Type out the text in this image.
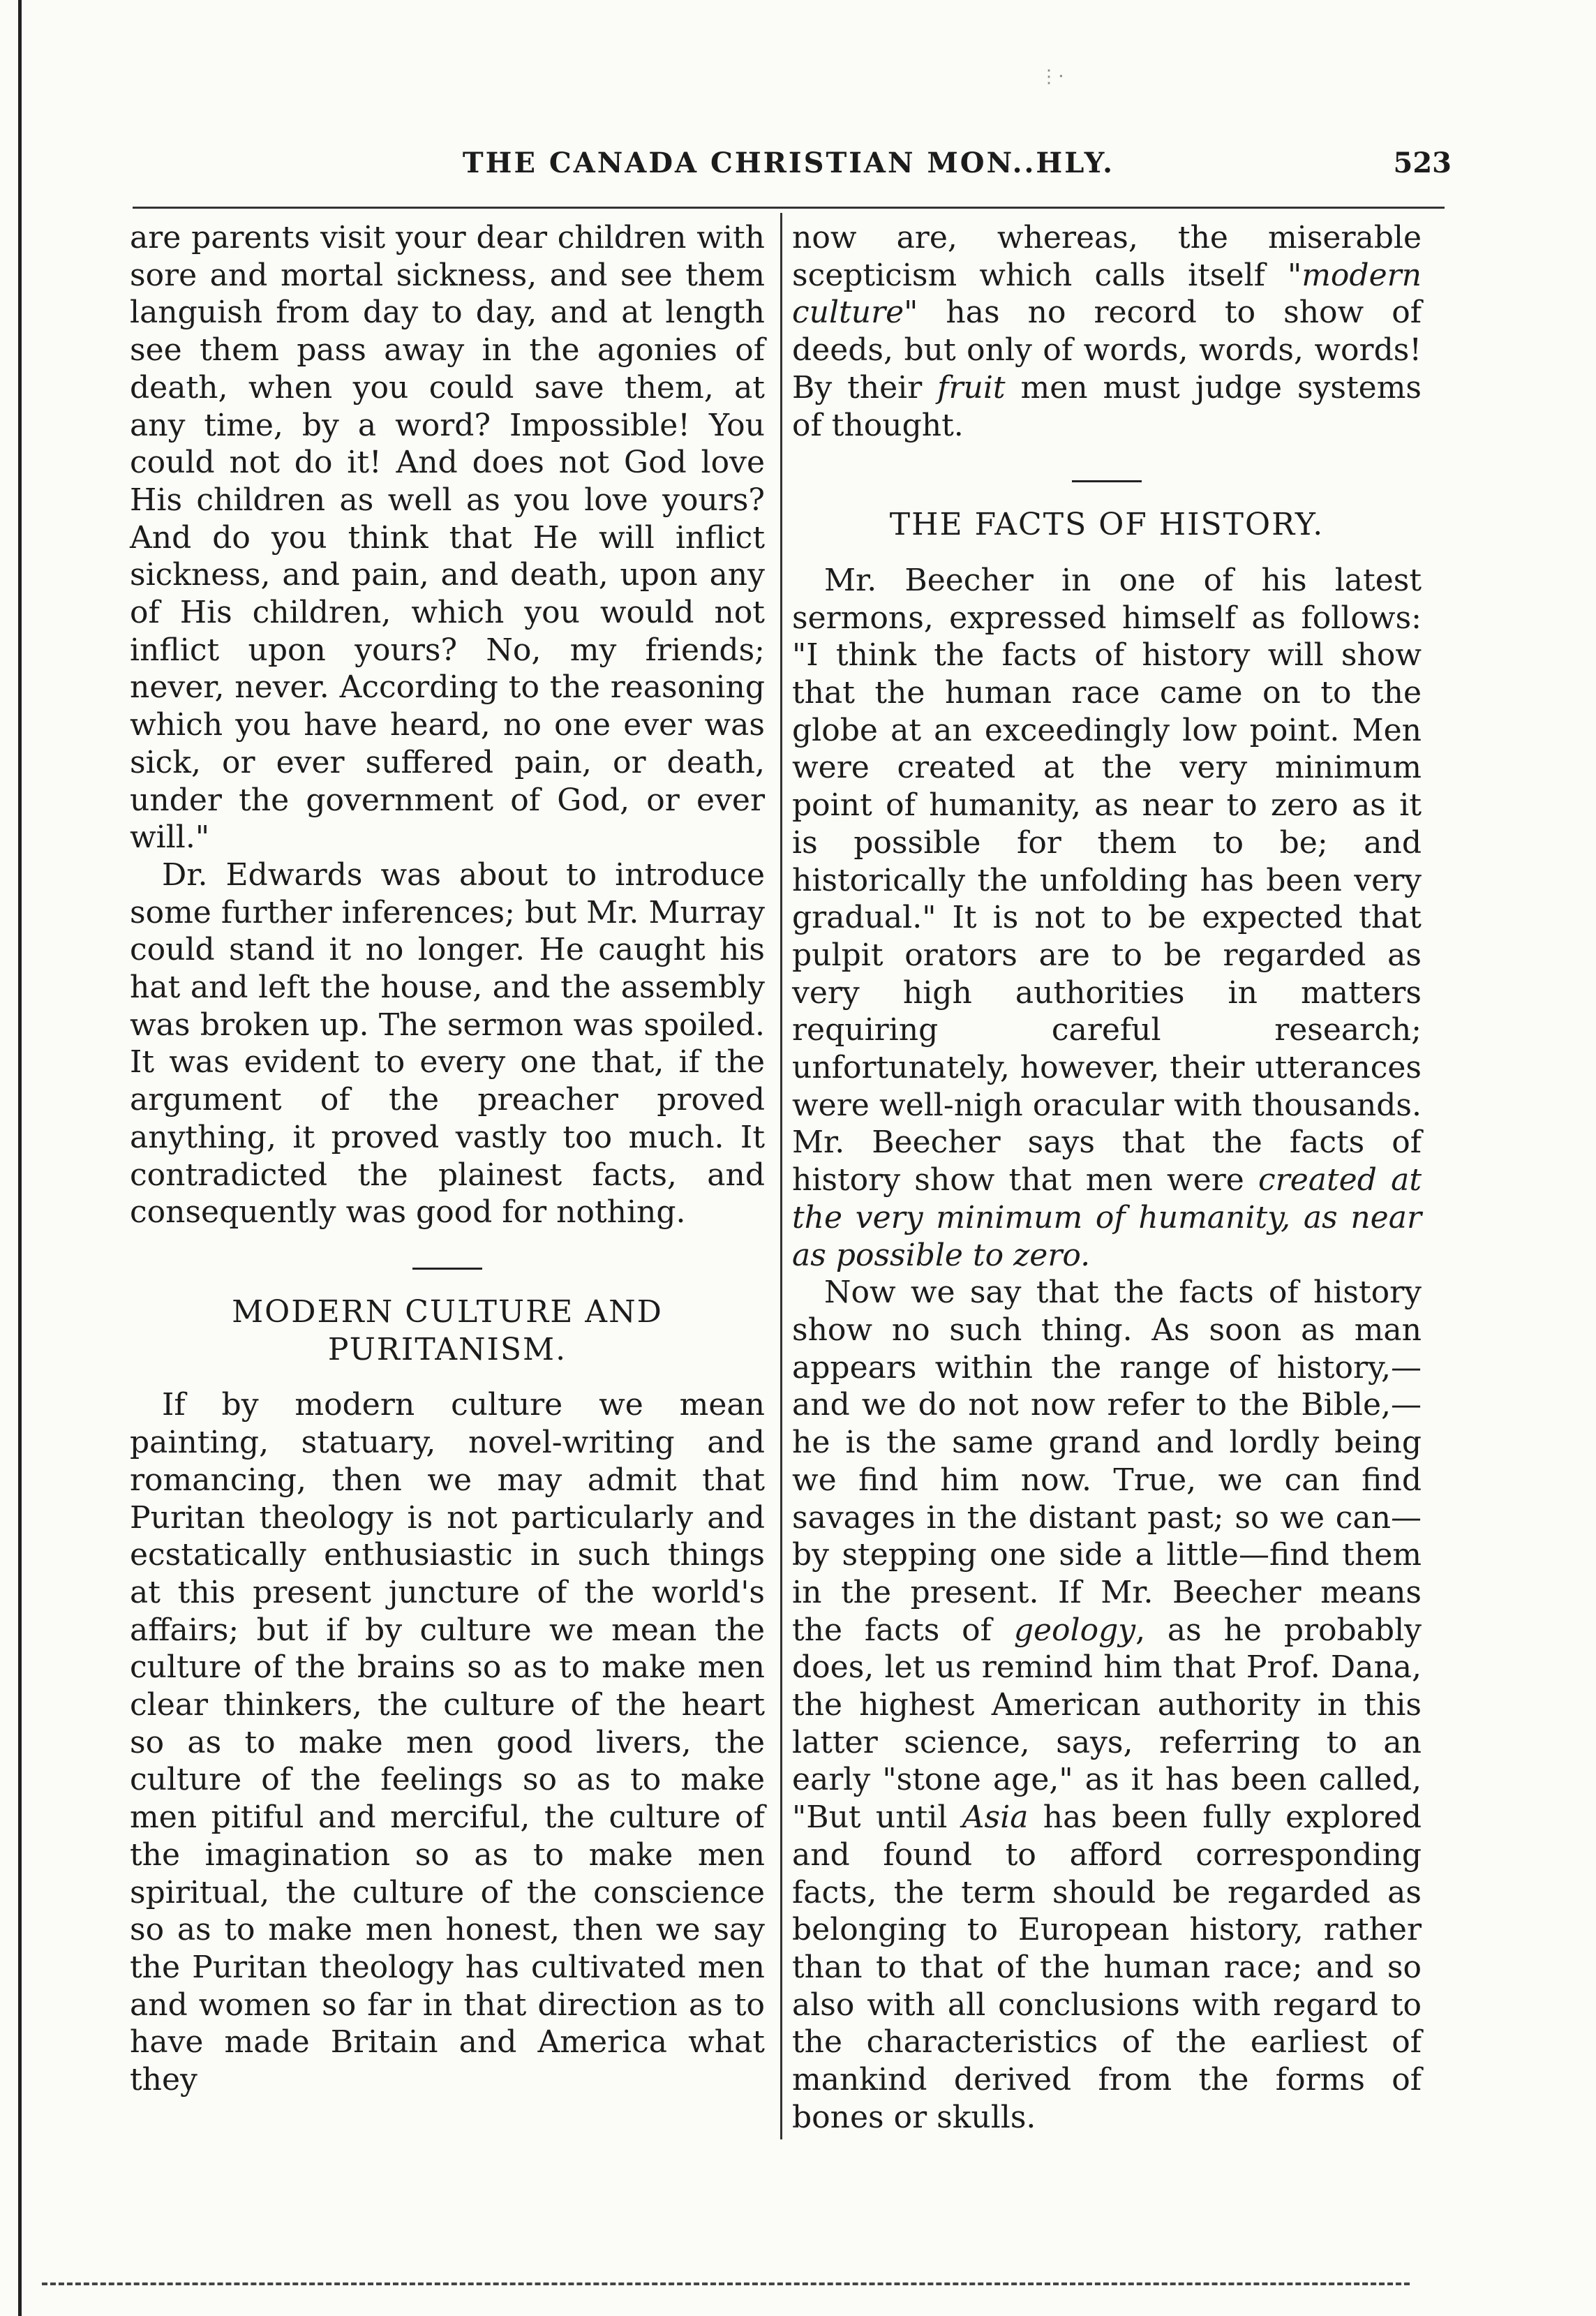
⋮⋅
THE CANADA CHRISTIAN MON..HLY.	523

are parents visit your dear children with sore and mortal sickness, and see them languish from day to day, and at length see them pass away in the agonies of death, when you could save them, at any time, by a word? Impossible! You could not do it! And does not God love His children as well as you love yours? And do you think that He will inflict sickness, and pain, and death, upon any of His children, which you would not inflict upon yours? No, my friends; never, never. According to the reasoning which you have heard, no one ever was sick, or ever suffered pain, or death, under the government of God, or ever will."

Dr. Edwards was about to introduce some further inferences; but Mr. Murray could stand it no longer. He caught his hat and left the house, and the assembly was broken up. The sermon was spoiled. It was evident to every one that, if the argument of the preacher proved anything, it proved vastly too much. It contradicted the plainest facts, and consequently was good for nothing.

MODERN CULTURE AND PURITANISM.

If by modern culture we mean painting, statuary, novel-writing and romancing, then we may admit that Puritan theology is not particularly and ecstatically enthusiastic in such things at this present juncture of the world's affairs; but if by culture we mean the culture of the brains so as to make men clear thinkers, the culture of the heart so as to make men good livers, the culture of the feelings so as to make men pitiful and merciful, the culture of the imagination so as to make men spiritual, the culture of the conscience so as to make men honest, then we say the Puritan theology has cultivated men and women so far in that direction as to have made Britain and America what they

now are, whereas, the miserable scepticism which calls itself "modern culture" has no record to show of deeds, but only of words, words, words! By their fruit men must judge systems of thought.

THE FACTS OF HISTORY.

Mr. Beecher in one of his latest sermons, expressed himself as follows: "I think the facts of history will show that the human race came on to the globe at an exceedingly low point. Men were created at the very minimum point of humanity, as near to zero as it is possible for them to be; and historically the unfolding has been very gradual." It is not to be expected that pulpit orators are to be regarded as very high authorities in matters requiring careful research; unfortunately, however, their utterances were well-nigh oracular with thousands. Mr. Beecher says that the facts of history show that men were created at the very minimum of humanity, as near as possible to zero.

Now we say that the facts of history show no such thing. As soon as man appears within the range of history,—and we do not now refer to the Bible,—he is the same grand and lordly being we find him now. True, we can find savages in the distant past; so we can—by stepping one side a little—find them in the present. If Mr. Beecher means the facts of geology, as he probably does, let us remind him that Prof. Dana, the highest American authority in this latter science, says, referring to an early "stone age," as it has been called, "But until Asia has been fully explored and found to afford corresponding facts, the term should be regarded as belonging to European history, rather than to that of the human race; and so also with all conclusions with regard to the characteristics of the earliest of mankind derived from the forms of bones or skulls.
